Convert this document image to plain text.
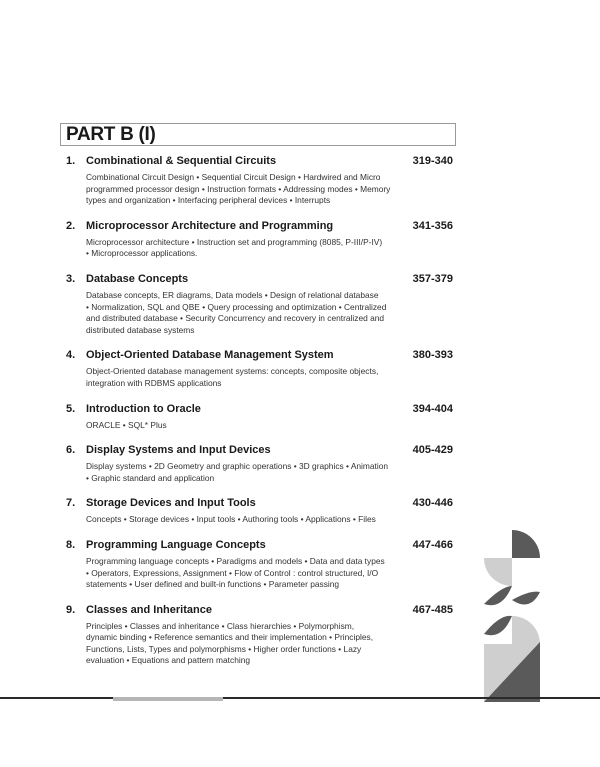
PART B (I)
1. Combinational & Sequential Circuits	319-340
Combinational Circuit Design • Sequential Circuit Design • Hardwired and Micro
programmed processor design • Instruction formats • Addressing modes • Memory
types and organization • Interfacing peripheral devices • Interrupts
2. Microprocessor Architecture and Programming	341-356
Microprocessor architecture • Instruction set and programming (8085, P-III/P-IV)
• Microprocessor applications.
3. Database Concepts	357-379
Database concepts, ER diagrams, Data models • Design of relational database
• Normalization, SQL and QBE • Query processing and optimization • Centralized
and distributed database • Security Concurrency and recovery in centralized and
distributed database systems
4. Object-Oriented Database Management System	380-393
Object-Oriented database management systems: concepts, composite objects,
integration with RDBMS applications
5. Introduction to Oracle	394-404
ORACLE • SQL* Plus
6. Display Systems and Input Devices	405-429
Display systems • 2D Geometry and graphic operations • 3D graphics • Animation
• Graphic standard and application
7. Storage Devices and Input Tools	430-446
Concepts • Storage devices • Input tools • Authoring tools • Applications • Files
8. Programming Language Concepts	447-466
Programming language concepts • Paradigms and models • Data and data types
• Operators, Expressions, Assignment • Flow of Control : control structured, I/O
statements • User defined and built-in functions • Parameter passing
9. Classes and Inheritance	467-485
Principles • Classes and inheritance • Class hierarchies • Polymorphism,
dynamic binding • Reference semantics and their implementation • Principles,
Functions, Lists, Types and polymorphisms • Higher order functions • Lazy
evaluation • Equations and pattern matching
